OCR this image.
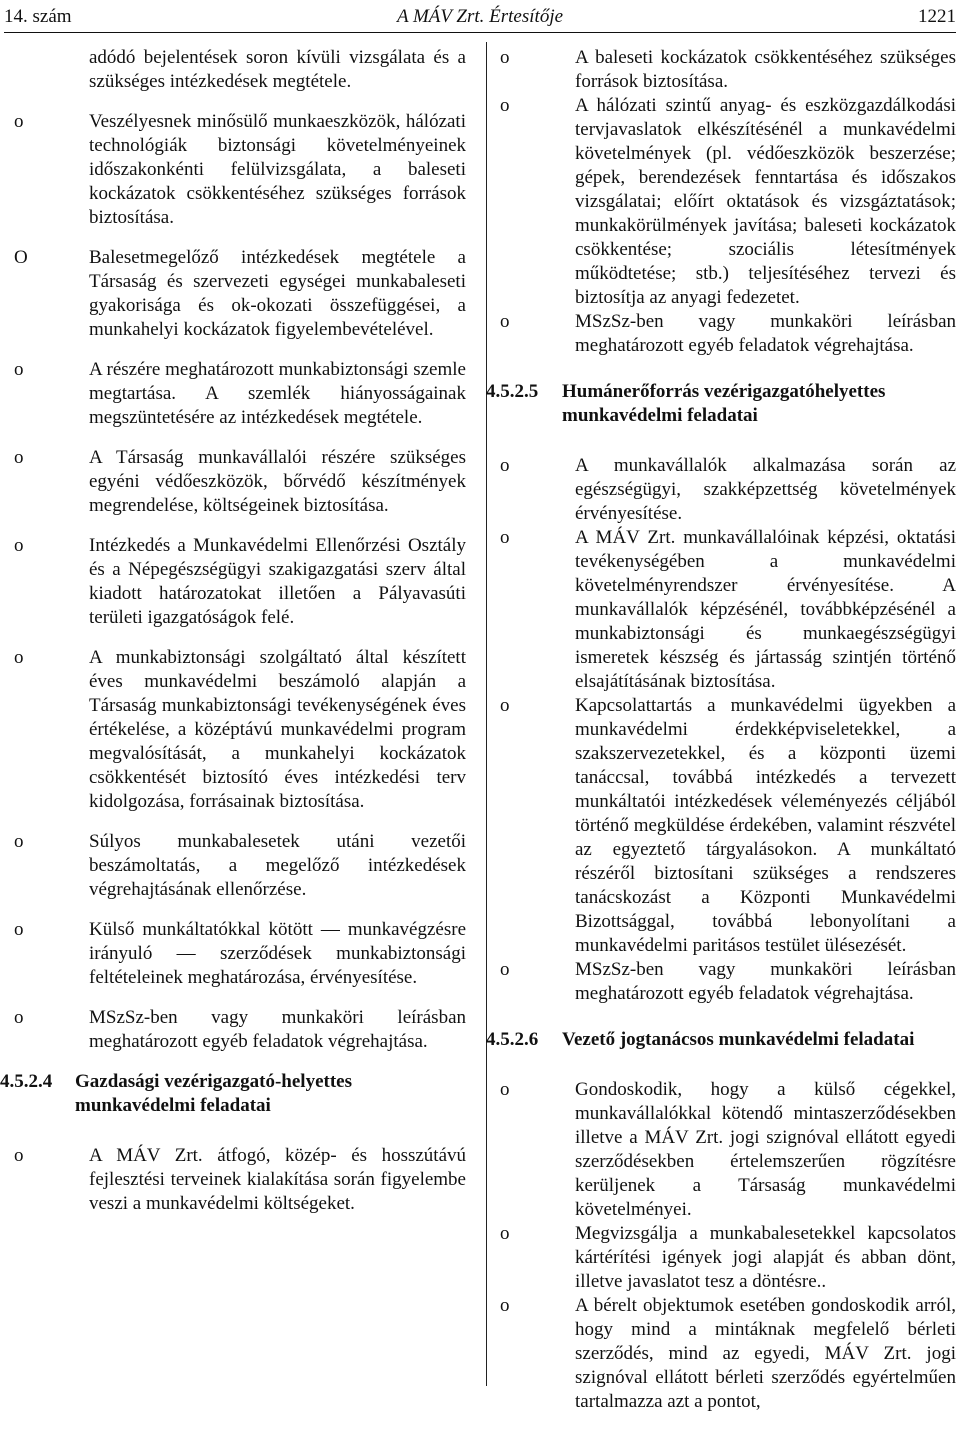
14. szám	A MÁV Zrt. Értesítője	1221
adódó bejelentések soron kívüli vizsgálata és a szükséges intézkedések megtétele.
o	Veszélyesnek minősülő munkaeszközök, hálózati technológiák biztonsági követelményeinek időszakonkénti felülvizsgálata, a baleseti kockázatok csökkentéséhez szükséges források biztosítása.
O	Balesetmegelőző intézkedések megtétele a Társaság és szervezeti egységei munkabaleseti gyakorisága és ok-okozati összefüggései, a munkahelyi kockázatok figyelembevételével.
o	A részére meghatározott munkabiztonsági szemle megtartása. A szemlék hiányosságainak megszüntetésére az intézkedések megtétele.
o	A Társaság munkavállalói részére szükséges egyéni védőeszközök, bőrvédő készítmények megrendelése, költségeinek biztosítása.
o	Intézkedés a Munkavédelmi Ellenőrzési Osztály és a Népegészségügyi szakigazgatási szerv által kiadott határozatokat illetően a Pályavasúti területi igazgatóságok felé.
o	A munkabiztonsági szolgáltató által készített éves munkavédelmi beszámoló alapján a Társaság munkabiztonsági tevékenységének éves értékelése, a középtávú munkavédelmi program megvalósítását, a munkahelyi kockázatok csökkentését biztosító éves intézkedési terv kidolgozása, forrásainak biztosítása.
o	Súlyos munkabalesetek utáni vezetői beszámoltatás, a megelőző intézkedések végrehajtásának ellenőrzése.
o	Külső munkáltatókkal kötött — munkavégzésre irányuló — szerződések munkabiztonsági feltételeinek meghatározása, érvényesítése.
o	MSzSz-ben vagy munkaköri leírásban meghatározott egyéb feladatok végrehajtása.
4.5.2.4 Gazdasági vezérigazgató-helyettes munkavédelmi feladatai
o	A MÁV Zrt. átfogó, közép- és hosszútávú fejlesztési terveinek kialakítása során figyelembe veszi a munkavédelmi költségeket.
o	A baleseti kockázatok csökkentéséhez szükséges források biztosítása.
o	A hálózati szintű anyag- és eszközgazdálkodási tervjavaslatok elkészítésénél a munkavédelmi követelmények (pl. védőeszközök beszerzése; gépek, berendezések fenntartása és időszakos vizsgálatai; előírt oktatások és vizsgáztatások; munkakörülmények javítása; baleseti kockázatok csökkentése; szociális létesítmények működtetése; stb.) teljesítéséhez tervezi és biztosítja az anyagi fedezetet.
o	MSzSz-ben vagy munkaköri leírásban meghatározott egyéb feladatok végrehajtása.
4.5.2.5 Humánerőforrás vezérigazgatóhelyettes munkavédelmi feladatai
o	A munkavállalók alkalmazása során az egészségügyi, szakképzettség követelmények érvényesítése.
o	A MÁV Zrt. munkavállalóinak képzési, oktatási tevékenységében a munkavédelmi követelményrendszer érvényesítése. A munkavállalók képzésénél, továbbképzésénél a munkabiztonsági és munkaegészségügyi ismeretek készség és jártasság szintjén történő elsajátításának biztosítása.
o	Kapcsolattartás a munkavédelmi ügyekben a munkavédelmi érdekképviseletekkel, a szakszervezetekkel, és a központi üzemi tanáccsal, továbbá intézkedés a tervezett munkáltatói intézkedések véleményezés céljából történő megküldése érdekében, valamint részvétel az egyeztető tárgyalásokon. A munkáltató részéről biztosítani szükséges a rendszeres tanácskozást a Központi Munkavédelmi Bizottsággal, továbbá lebonyolítani a munkavédelmi paritásos testület ülésezését.
o	MSzSz-ben vagy munkaköri leírásban meghatározott egyéb feladatok végrehajtása.
4.5.2.6 Vezető jogtanácsos munkavédelmi feladatai
o	Gondoskodik, hogy a külső cégekkel, munkavállalókkal kötendő mintaszerződésekben illetve a MÁV Zrt. jogi szignóval ellátott egyedi szerződésekben értelemszerűen rögzítésre kerüljenek a Társaság munkavédelmi követelményei.
o	Megvizsgálja a munkabalesetekkel kapcsolatos kártérítési igények jogi alapját és abban dönt, illetve javaslatot tesz a döntésre..
o	A bérelt objektumok esetében gondoskodik arról, hogy mind a mintáknak megfelelő bérleti szerződés, mind az egyedi, MÁV Zrt. jogi szignóval ellátott bérleti szerződés egyértelműen tartalmazza azt a pontot,
